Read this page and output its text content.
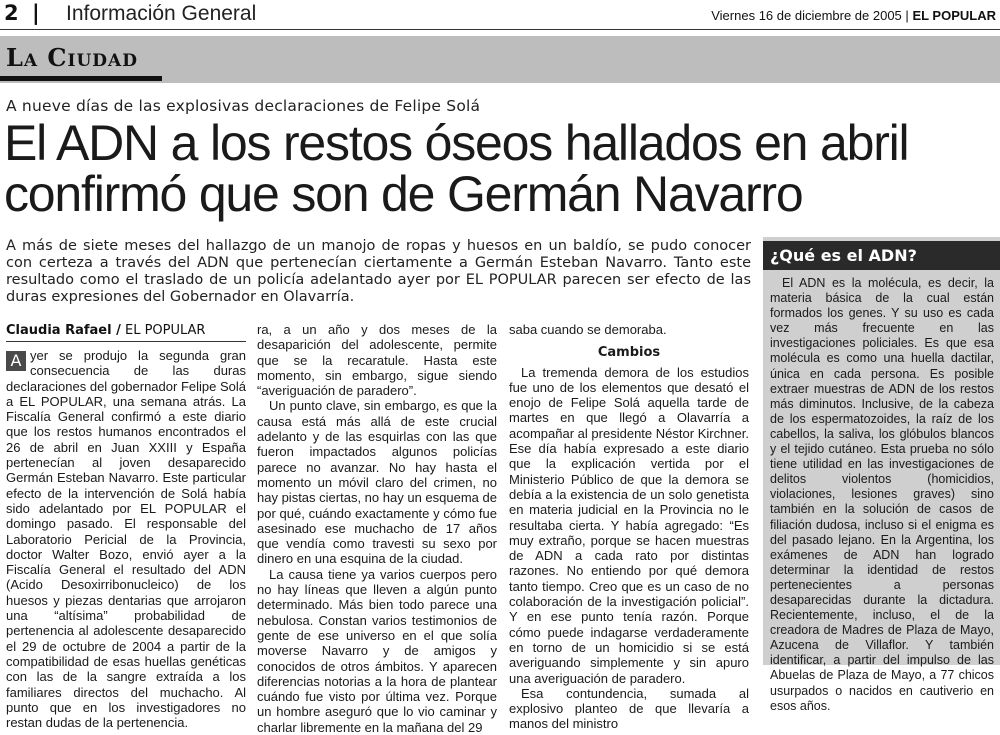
2 | Información General	Viernes 16 de diciembre de 2005 | EL POPULAR
La Ciudad
A nueve días de las explosivas declaraciones de Felipe Solá
El ADN a los restos óseos hallados en abril confirmó que son de Germán Navarro

A más de siete meses del hallazgo de un manojo de ropas y huesos en un baldío, se pudo conocer con certeza a través del ADN que pertenecían ciertamente a Germán Esteban Navarro. Tanto este resultado como el traslado de un policía adelantado ayer por EL POPULAR parecen ser efecto de las duras expresiones del Gobernador en Olavarría.

Claudia Rafael / EL POPULAR

A yer se produjo la segunda gran consecuencia de las duras declaraciones del gobernador Felipe Solá a EL POPULAR, una semana atrás. La Fiscalía General confirmó a este diario que los restos humanos encontrados el 26 de abril en Juan XXIII y España pertenecían al joven desaparecido Germán Esteban Navarro. Este particular efecto de la intervención de Solá había sido adelantado por EL POPULAR el domingo pasado. El responsable del Laboratorio Pericial de la Provincia, doctor Walter Bozo, envió ayer a la Fiscalía General el resultado del ADN (Acido Desoxirribonucleico) de los huesos y piezas dentarias que arrojaron una “altísima” probabilidad de pertenencia al adolescente desaparecido el 29 de octubre de 2004 a partir de la compatibilidad de esas huellas genéticas con las de la sangre extraída a los familiares directos del muchacho. Al punto que en los investigadores no restan dudas de la pertenencia.

ra, a un año y dos meses de la desaparición del adolescente, permite que se la recaratule. Hasta este momento, sin embargo, sigue siendo “averiguación de paradero”.

Un punto clave, sin embargo, es que la causa está más allá de este crucial adelanto y de las esquirlas con las que fueron impactados algunos policías parece no avanzar. No hay hasta el momento un móvil claro del crimen, no hay pistas ciertas, no hay un esquema de por qué, cuándo exactamente y cómo fue asesinado ese muchacho de 17 años que vendía como travesti su sexo por dinero en una esquina de la ciudad.

La causa tiene ya varios cuerpos pero no hay líneas que lleven a algún punto determinado. Más bien todo parece una nebulosa. Constan varios testimonios de gente de ese universo en el que solía moverse Navarro y de amigos y conocidos de otros ámbitos. Y aparecen diferencias notorias a la hora de plantear cuándo fue visto por última vez. Porque un hombre aseguró que lo vio caminar y charlar libremente en la mañana del 29

saba cuando se demoraba.

Cambios

La tremenda demora de los estudios fue uno de los elementos que desató el enojo de Felipe Solá aquella tarde de martes en que llegó a Olavarría a acompañar al presidente Néstor Kirchner. Ese día había expresado a este diario que la explicación vertida por el Ministerio Público de que la demora se debía a la existencia de un solo genetista en materia judicial en la Provincia no le resultaba cierta. Y había agregado: “Es muy extraño, porque se hacen muestras de ADN a cada rato por distintas razones. No entiendo por qué demora tanto tiempo. Creo que es un caso de no colaboración de la investigación policial”. Y en ese punto tenía razón. Porque cómo puede indagarse verdaderamente en torno de un homicidio si se está averiguando simplemente y sin apuro una averiguación de paradero.

Esa contundencia, sumada al explosivo planteo de que llevaría a manos del ministro

¿Qué es el ADN?

El ADN es la molécula, es decir, la materia básica de la cual están formados los genes. Y su uso es cada vez más frecuente en las investigaciones policiales. Es que esa molécula es como una huella dactilar, única en cada persona. Es posible extraer muestras de ADN de los restos más diminutos. Inclusive, de la cabeza de los espermatozoides, la raíz de los cabellos, la saliva, los glóbulos blancos y el tejido cutáneo. Esta prueba no sólo tiene utilidad en las investigaciones de delitos violentos (homicidios, violaciones, lesiones graves) sino también en la solución de casos de filiación dudosa, incluso si el enigma es del pasado lejano. En la Argentina, los exámenes de ADN han logrado determinar la identidad de restos pertenecientes a personas desaparecidas durante la dictadura. Recientemente, incluso, el de la creadora de Madres de Plaza de Mayo, Azucena de Villaflor. Y también identificar, a partir del impulso de las Abuelas de Plaza de Mayo, a 77 chicos usurpados o nacidos en cautiverio en esos años.
